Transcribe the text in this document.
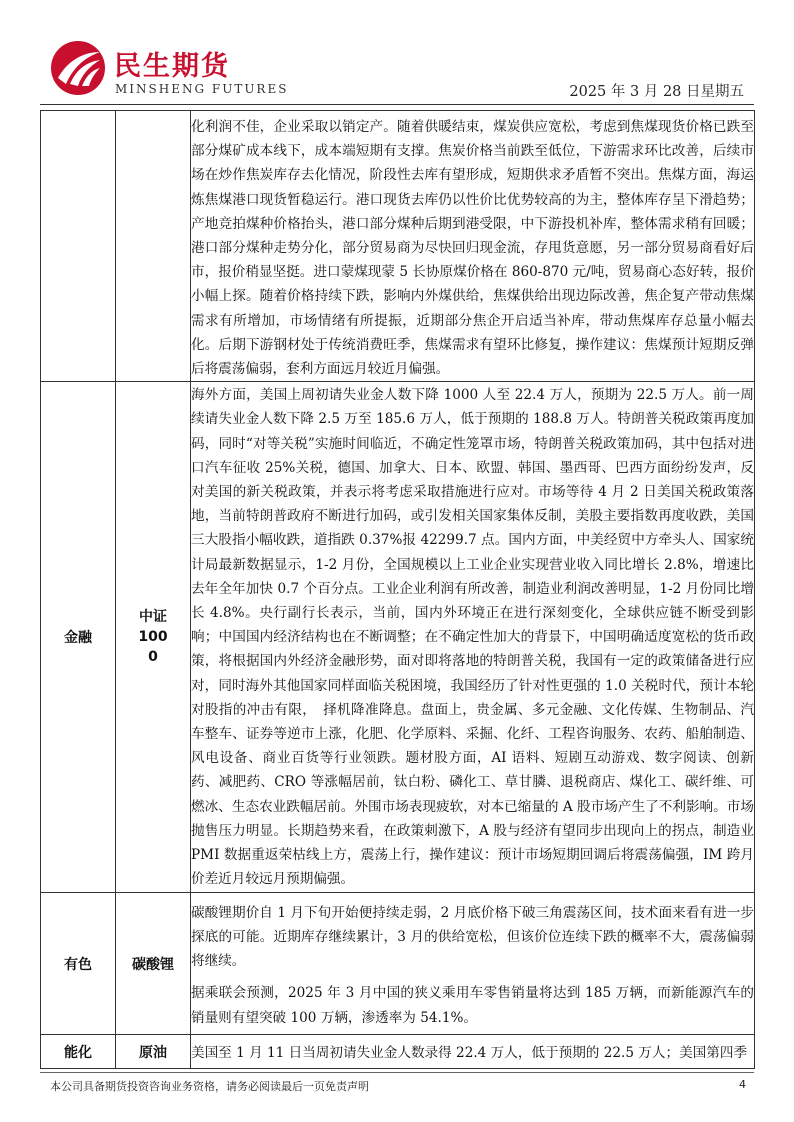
民生期货
MINSHENG FUTURES	2025 年 3 月 28 日星期五

		化利润不佳，企业采取以销定产。随着供暖结束，煤炭供应宽松，考虑到焦煤现货价格已跌至部分煤矿成本线下，成本端短期有支撑。焦炭价格当前跌至低位，下游需求环比改善，后续市场在炒作焦炭库存去化情况，阶段性去库有望形成，短期供求矛盾暂不突出。焦煤方面，海运炼焦煤港口现货暂稳运行。港口现货去库仍以性价比优势较高的为主，整体库存呈下滑趋势；产地竞拍煤种价格抬头，港口部分煤种后期到港受限，中下游投机补库，整体需求稍有回暖；港口部分煤种走势分化，部分贸易商为尽快回归现金流，存甩货意愿，另一部分贸易商看好后市，报价稍显坚挺。进口蒙煤现蒙 5 长协原煤价格在 860-870 元/吨，贸易商心态好转，报价小幅上探。随着价格持续下跌，影响内外煤供给，焦煤供给出现边际改善，焦企复产带动焦煤需求有所增加，市场情绪有所提振，近期部分焦企开启适当补库，带动焦煤库存总量小幅去化。后期下游钢材处于传统消费旺季，焦煤需求有望环比修复，操作建议：焦煤预计短期反弹后将震荡偏弱，套利方面远月较近月偏强。

金融	中证 1000	海外方面，美国上周初请失业金人数下降 1000 人至 22.4 万人，预期为 22.5 万人。前一周续请失业金人数下降 2.5 万至 185.6 万人，低于预期的 188.8 万人。特朗普关税政策再度加码，同时“对等关税”实施时间临近，不确定性笼罩市场，特朗普关税政策加码，其中包括对进口汽车征收 25%关税，德国、加拿大、日本、欧盟、韩国、墨西哥、巴西方面纷纷发声，反对美国的新关税政策，并表示将考虑采取措施进行应对。市场等待 4 月 2 日美国关税政策落地，当前特朗普政府不断进行加码，或引发相关国家集体反制，美股主要指数再度收跌，美国三大股指小幅收跌，道指跌 0.37%报 42299.7 点。国内方面，中美经贸中方牵头人、国家统计局最新数据显示，1-2 月份，全国规模以上工业企业实现营业收入同比增长 2.8%，增速比去年全年加快 0.7 个百分点。工业企业利润有所改善，制造业利润改善明显，1-2 月份同比增长 4.8%。央行副行长表示，当前，国内外环境正在进行深刻变化，全球供应链不断受到影响；中国国内经济结构也在不断调整；在不确定性加大的背景下，中国明确适度宽松的货币政策，将根据国内外经济金融形势，面对即将落地的特朗普关税，我国有一定的政策储备进行应对，同时海外其他国家同样面临关税困境，我国经历了针对性更强的 1.0 关税时代，预计本轮对股指的冲击有限，　择机降准降息。盘面上，贵金属、多元金融、文化传媒、生物制品、汽车整车、证券等逆市上涨，化肥、化学原料、采掘、化纤、工程咨询服务、农药、船舶制造、风电设备、商业百货等行业领跌。题材股方面，AI 语料、短剧互动游戏、数字阅读、创新药、减肥药、CRO 等涨幅居前，钛白粉、磷化工、草甘膦、退税商店、煤化工、碳纤维、可燃冰、生态农业跌幅居前。外围市场表现疲软，对本已缩量的 A 股市场产生了不利影响。市场抛售压力明显。长期趋势来看，在政策刺激下，A 股与经济有望同步出现向上的拐点，制造业 PMI 数据重返荣枯线上方，震荡上行，操作建议：预计市场短期回调后将震荡偏强，IM 跨月价差近月较远月预期偏强。

有色	碳酸锂	碳酸锂期价自 1 月下旬开始便持续走弱，2 月底价格下破三角震荡区间，技术面来看有进一步探底的可能。近期库存继续累计，3 月的供给宽松，但该价位连续下跌的概率不大，震荡偏弱将继续。

据乘联会预测，2025 年 3 月中国的狭义乘用车零售销量将达到 185 万辆，而新能源汽车的销量则有望突破 100 万辆，渗透率为 54.1%。

能化	原油	美国至 1 月 11 日当周初请失业金人数录得 22.4 万人，低于预期的 22.5 万人；美国第四季

本公司具备期货投资咨询业务资格，请务必阅读最后一页免责声明	4
